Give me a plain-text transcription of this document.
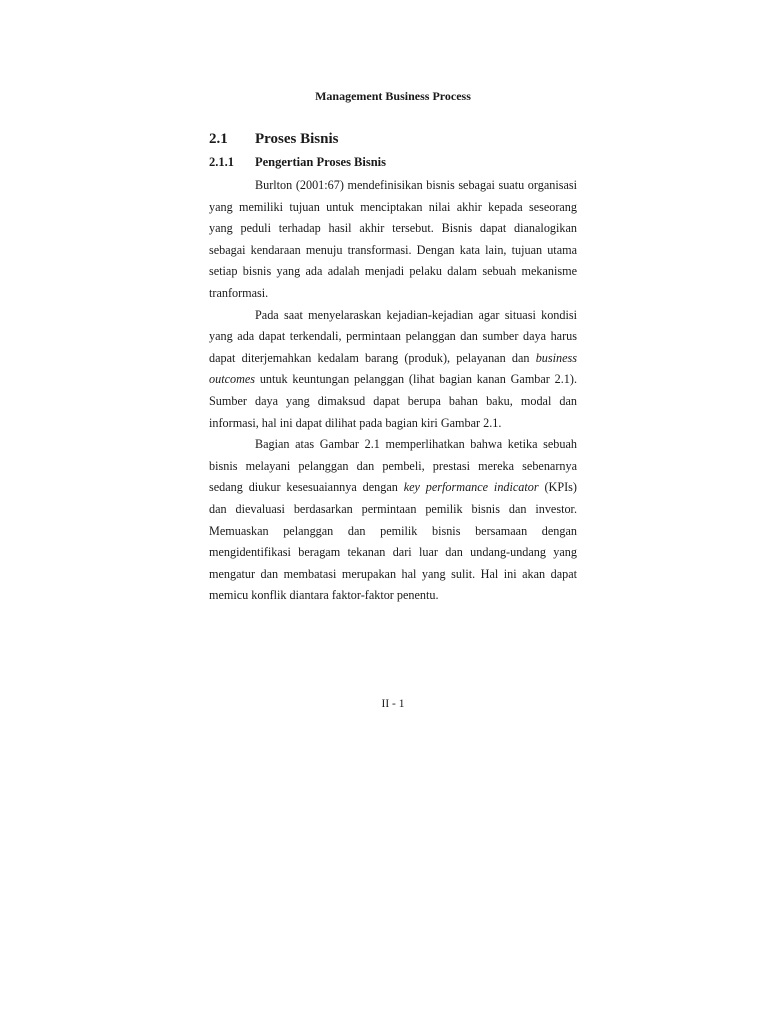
Management Business Process
2.1 Proses Bisnis
2.1.1 Pengertian Proses Bisnis

Burlton (2001:67) mendefinisikan bisnis sebagai suatu organisasi yang memiliki tujuan untuk menciptakan nilai akhir kepada seseorang yang peduli terhadap hasil akhir tersebut. Bisnis dapat dianalogikan sebagai kendaraan menuju transformasi. Dengan kata lain, tujuan utama setiap bisnis yang ada adalah menjadi pelaku dalam sebuah mekanisme tranformasi.

Pada saat menyelaraskan kejadian-kejadian agar situasi kondisi yang ada dapat terkendali, permintaan pelanggan dan sumber daya harus dapat diterjemahkan kedalam barang (produk), pelayanan dan business outcomes untuk keuntungan pelanggan (lihat bagian kanan Gambar 2.1). Sumber daya yang dimaksud dapat berupa bahan baku, modal dan informasi, hal ini dapat dilihat pada bagian kiri Gambar 2.1.

Bagian atas Gambar 2.1 memperlihatkan bahwa ketika sebuah bisnis melayani pelanggan dan pembeli, prestasi mereka sebenarnya sedang diukur kesesuaiannya dengan key performance indicator (KPIs) dan dievaluasi berdasarkan permintaan pemilik bisnis dan investor. Memuaskan pelanggan dan pemilik bisnis bersamaan dengan mengidentifikasi beragam tekanan dari luar dan undang-undang yang mengatur dan membatasi merupakan hal yang sulit. Hal ini akan dapat memicu konflik diantara faktor-faktor penentu.

II - 1
